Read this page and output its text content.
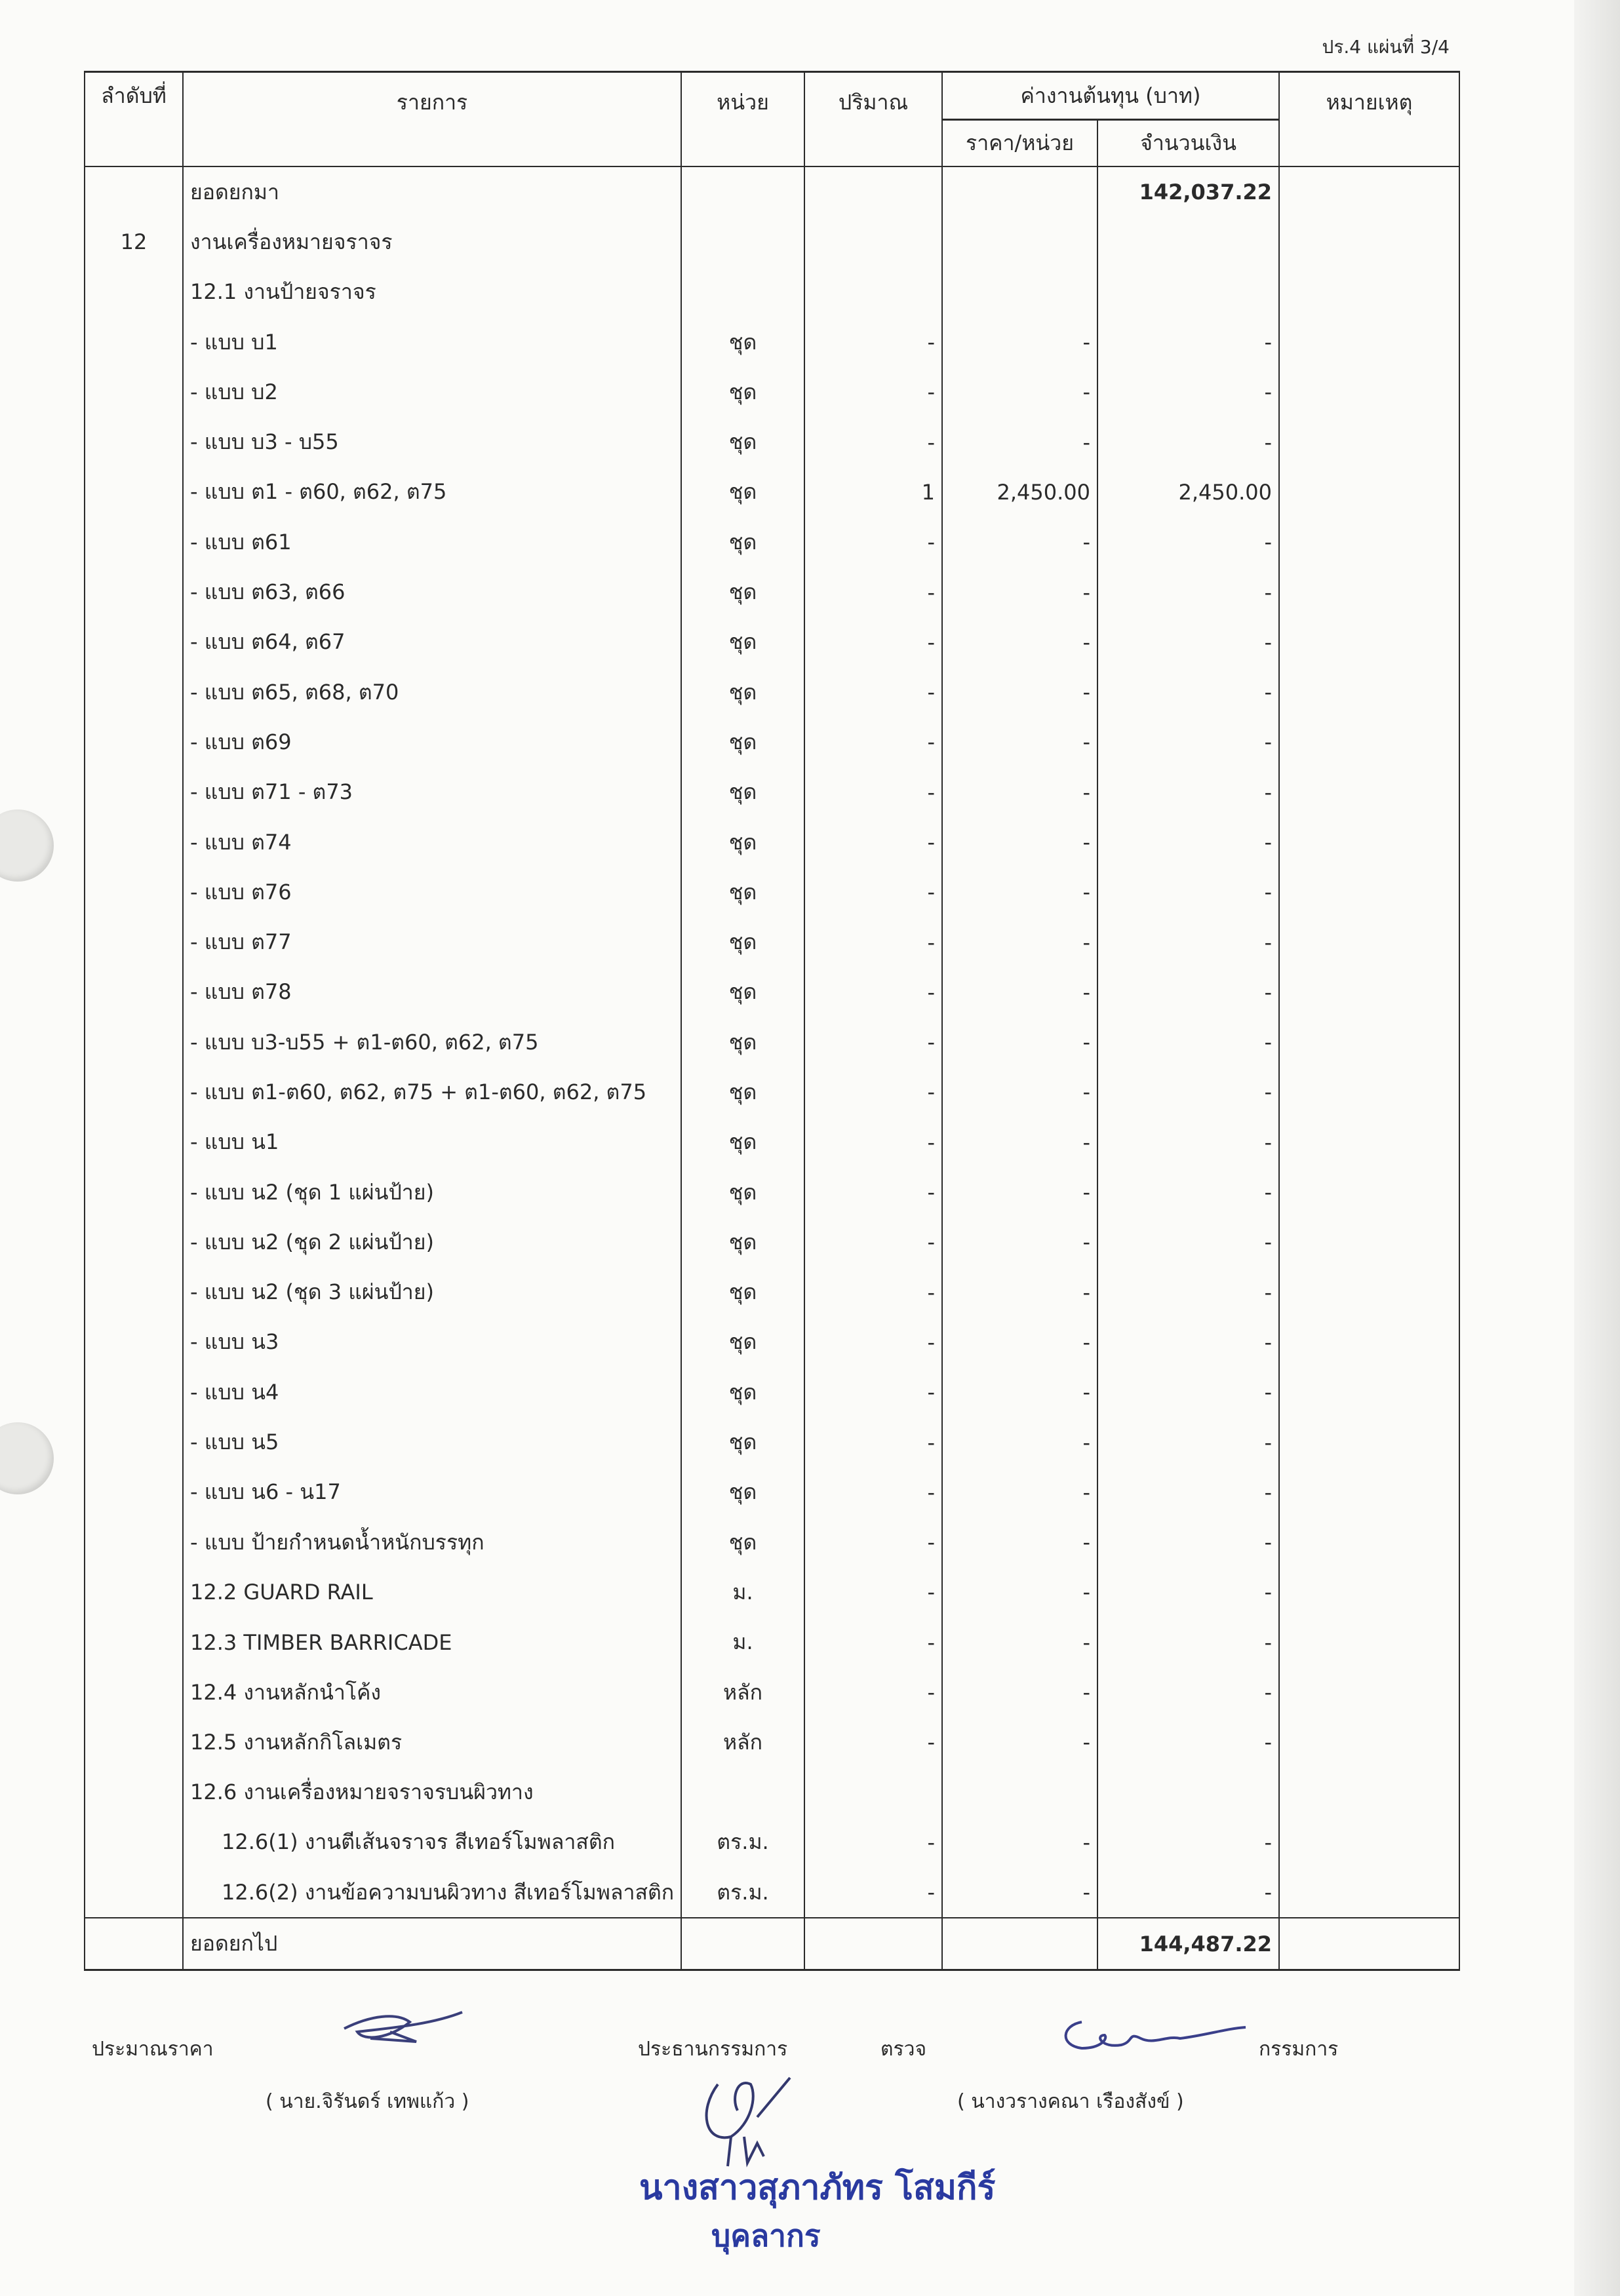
ปร.4 แผ่นที่ 3/4
ลำดับที่	รายการ	หน่วย	ปริมาณ	ค่างานต้นทุน (บาท)		หมายเหตุ
				ราคา/หน่วย	จำนวนเงิน	
	ยอดยกมา				142,037.22	
12	งานเครื่องหมายจราจร					
	12.1 งานป้ายจราจร					
	- แบบ บ1	ชุด	-	-	-	
	- แบบ บ2	ชุด	-	-	-	
	- แบบ บ3 - บ55	ชุด	-	-	-	
	- แบบ ต1 - ต60, ต62, ต75	ชุด	1	2,450.00	2,450.00	
	- แบบ ต61	ชุด	-	-	-	
	- แบบ ต63, ต66	ชุด	-	-	-	
	- แบบ ต64, ต67	ชุด	-	-	-	
	- แบบ ต65, ต68, ต70	ชุด	-	-	-	
	- แบบ ต69	ชุด	-	-	-	
	- แบบ ต71 - ต73	ชุด	-	-	-	
	- แบบ ต74	ชุด	-	-	-	
	- แบบ ต76	ชุด	-	-	-	
	- แบบ ต77	ชุด	-	-	-	
	- แบบ ต78	ชุด	-	-	-	
	- แบบ บ3-บ55 + ต1-ต60, ต62, ต75	ชุด	-	-	-	
	- แบบ ต1-ต60, ต62, ต75 + ต1-ต60, ต62, ต75	ชุด	-	-	-	
	- แบบ น1	ชุด	-	-	-	
	- แบบ น2 (ชุด 1 แผ่นป้าย)	ชุด	-	-	-	
	- แบบ น2 (ชุด 2 แผ่นป้าย)	ชุด	-	-	-	
	- แบบ น2 (ชุด 3 แผ่นป้าย)	ชุด	-	-	-	
	- แบบ น3	ชุด	-	-	-	
	- แบบ น4	ชุด	-	-	-	
	- แบบ น5	ชุด	-	-	-	
	- แบบ น6 - น17	ชุด	-	-	-	
	- แบบ ป้ายกำหนดน้ำหนักบรรทุก	ชุด	-	-	-	
	12.2 GUARD RAIL	ม.	-	-	-	
	12.3 TIMBER BARRICADE	ม.	-	-	-	
	12.4 งานหลักนำโค้ง	หลัก	-	-	-	
	12.5 งานหลักกิโลเมตร	หลัก	-	-	-	
	12.6 งานเครื่องหมายจราจรบนผิวทาง					
	12.6(1) งานตีเส้นจราจร สีเทอร์โมพลาสติก	ตร.ม.	-	-	-	
	12.6(2) งานข้อความบนผิวทาง สีเทอร์โมพลาสติก	ตร.ม.	-	-	-	
	ยอดยกไป				144,487.22	
ประมาณราคา
( นาย.จิรันดร์ เทพแก้ว )
ประธานกรรมการ	ตรวจ	กรรมการ
( นางวรางคณา เรืองสังข์ )
นางสาวสุภาภัทร โสมกีร์
บุคลากร
